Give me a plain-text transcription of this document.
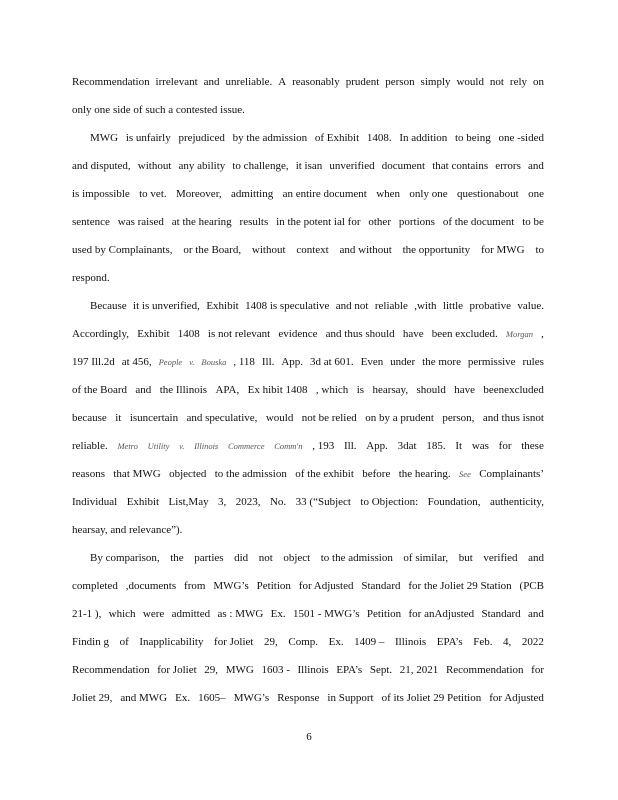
Recommendation irrelevant and unreliable. A reasonably prudent person simply would not rely on
only one side of such a contested issue.
MWG is unfairly prejudiced by the admission of Exhibit 1408. In addition to being one -sided
and disputed, without any ability to challenge, it isan unverified document that contains errors and
is impossible to vet. Moreover, admitting an entire document when only one questionabout one
sentence was raised at the hearing results in the potent ial for other portions of the document to be
used by Complainants, or the Board, without context and without the opportunity for MWG to
respond.
Because it is unverified, Exhibit 1408 is speculative and not reliable ,with little probative value.
Accordingly, Exhibit 1408 is not relevant evidence and thus should have been excluded. Morgan ,
197 Ill.2d at 456, People v. Bouska , 118 Ill. App. 3d at 601. Even under the more permissive rules
of the Board and the Illinois APA, Ex hibit 1408 , which is hearsay, should have beenexcluded
because it isuncertain and speculative, would not be relied on by a prudent person, and thus isnot
reliable. Metro Utility v. Illinois Commerce Comm'n , 193 Ill. App. 3dat 185. It was for these
reasons that MWG objected to the admission of the exhibit before the hearing. See Complainants’
Individual Exhibit List,May 3, 2023, No. 33 (“Subject to Objection: Foundation, authenticity,
hearsay, and relevance”).
By comparison, the parties did not object to the admission of similar, but verified and
completed ,documents from MWG’s Petition for Adjusted Standard for the Joliet 29 Station (PCB
21-1 ), which were admitted as : MWG Ex. 1501 - MWG’s Petition for anAdjusted Standard and
Findin g of Inapplicability for Joliet 29, Comp. Ex. 1409 – Illinois EPA’s Feb. 4, 2022
Recommendation for Joliet 29, MWG 1603 - Illinois EPA’s Sept. 21, 2021 Recommendation for
Joliet 29, and MWG Ex. 1605– MWG’s Response in Support of its Joliet 29 Petition for Adjusted
6
